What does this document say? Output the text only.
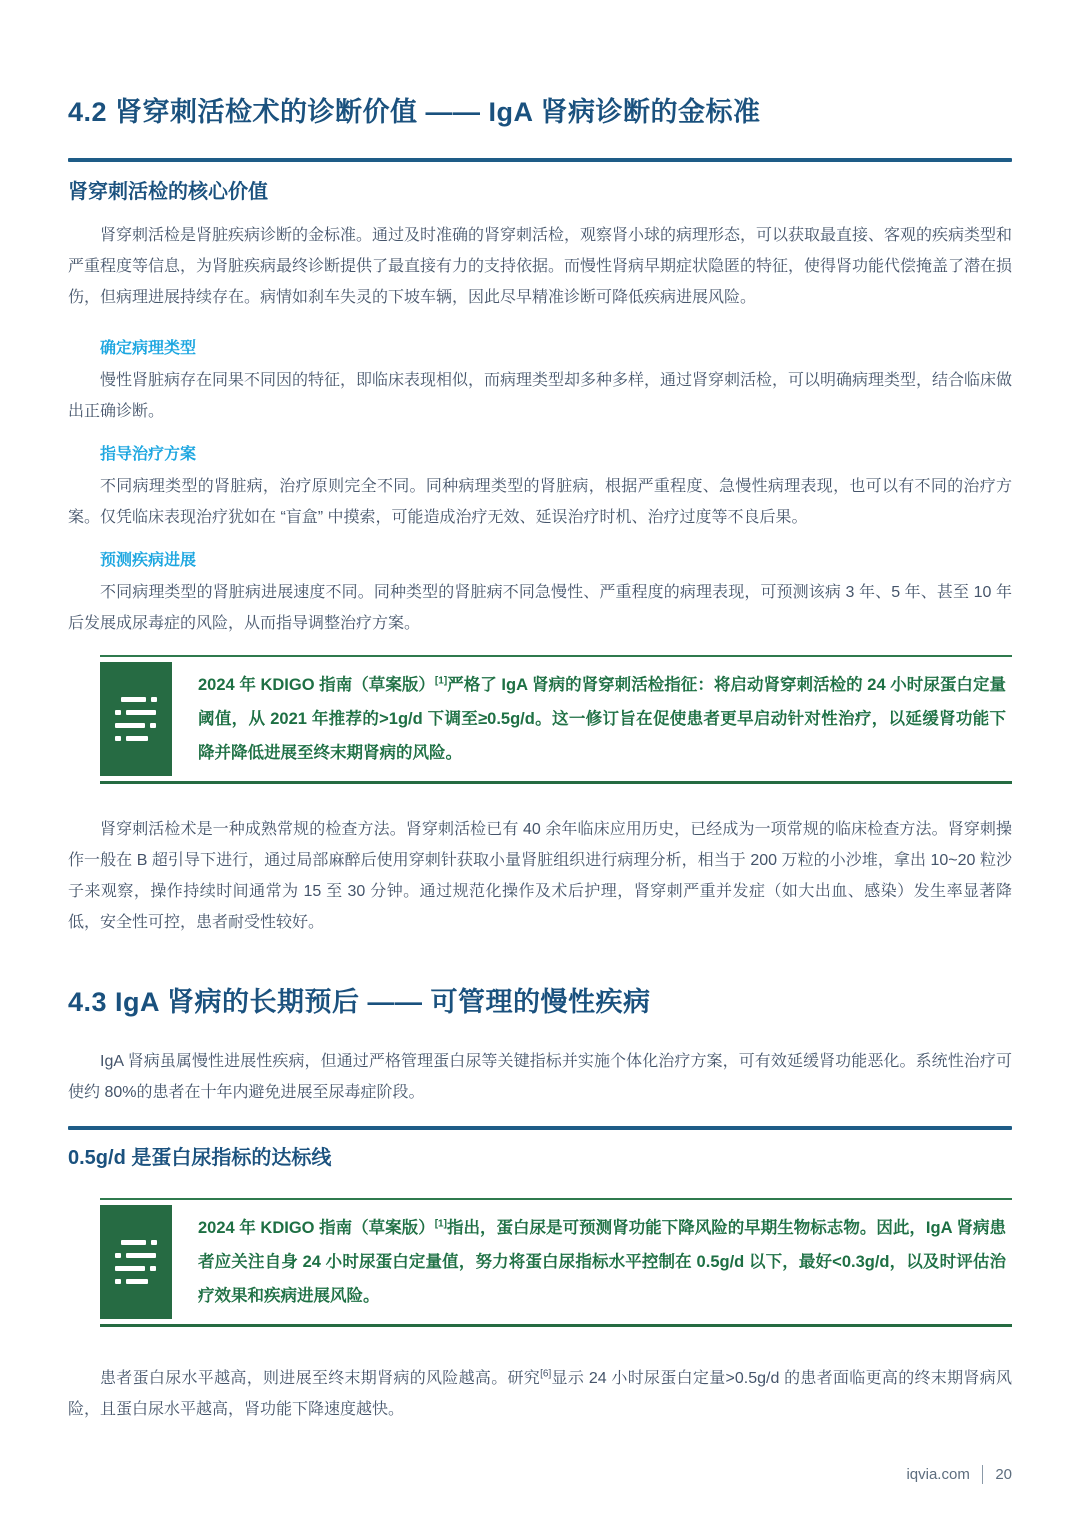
4.2 肾穿刺活检术的诊断价值 —— IgA 肾病诊断的金标准
肾穿刺活检的核心价值

肾穿刺活检是肾脏疾病诊断的金标准。通过及时准确的肾穿刺活检，观察肾小球的病理形态，可以获取最直接、客观的疾病类型和严重程度等信息，为肾脏疾病最终诊断提供了最直接有力的支持依据。而慢性肾病早期症状隐匿的特征，使得肾功能代偿掩盖了潜在损伤，但病理进展持续存在。病情如刹车失灵的下坡车辆，因此尽早精准诊断可降低疾病进展风险。

确定病理类型

慢性肾脏病存在同果不同因的特征，即临床表现相似，而病理类型却多种多样，通过肾穿刺活检，可以明确病理类型，结合临床做出正确诊断。

指导治疗方案

不同病理类型的肾脏病，治疗原则完全不同。同种病理类型的肾脏病，根据严重程度、急慢性病理表现，也可以有不同的治疗方案。仅凭临床表现治疗犹如在 “盲盒” 中摸索，可能造成治疗无效、延误治疗时机、治疗过度等不良后果。

预测疾病进展

不同病理类型的肾脏病进展速度不同。同种类型的肾脏病不同急慢性、严重程度的病理表现，可预测该病 3 年、5 年、甚至 10 年后发展成尿毒症的风险，从而指导调整治疗方案。

2024 年 KDIGO 指南（草案版）[1]严格了 IgA 肾病的肾穿刺活检指征：将启动肾穿刺活检的 24 小时尿蛋白定量阈值，从 2021 年推荐的>1g/d 下调至≥0.5g/d。这一修订旨在促使患者更早启动针对性治疗，以延缓肾功能下降并降低进展至终末期肾病的风险。

肾穿刺活检术是一种成熟常规的检查方法。肾穿刺活检已有 40 余年临床应用历史，已经成为一项常规的临床检查方法。肾穿刺操作一般在 B 超引导下进行，通过局部麻醉后使用穿刺针获取小量肾脏组织进行病理分析，相当于 200 万粒的小沙堆，拿出 10~20 粒沙子来观察，操作持续时间通常为 15 至 30 分钟。通过规范化操作及术后护理，肾穿刺严重并发症（如大出血、感染）发生率显著降低，安全性可控，患者耐受性较好。

4.3 IgA 肾病的长期预后 —— 可管理的慢性疾病

IgA 肾病虽属慢性进展性疾病，但通过严格管理蛋白尿等关键指标并实施个体化治疗方案，可有效延缓肾功能恶化。系统性治疗可使约 80%的患者在十年内避免进展至尿毒症阶段。

0.5g/d 是蛋白尿指标的达标线

2024 年 KDIGO 指南（草案版）[1]指出，蛋白尿是可预测肾功能下降风险的早期生物标志物。因此，IgA 肾病患者应关注自身 24 小时尿蛋白定量值，努力将蛋白尿指标水平控制在 0.5g/d 以下，最好<0.3g/d，以及时评估治疗效果和疾病进展风险。

患者蛋白尿水平越高，则进展至终末期肾病的风险越高。研究[6]显示 24 小时尿蛋白定量>0.5g/d 的患者面临更高的终末期肾病风险，且蛋白尿水平越高，肾功能下降速度越快。

iqvia.com 20
